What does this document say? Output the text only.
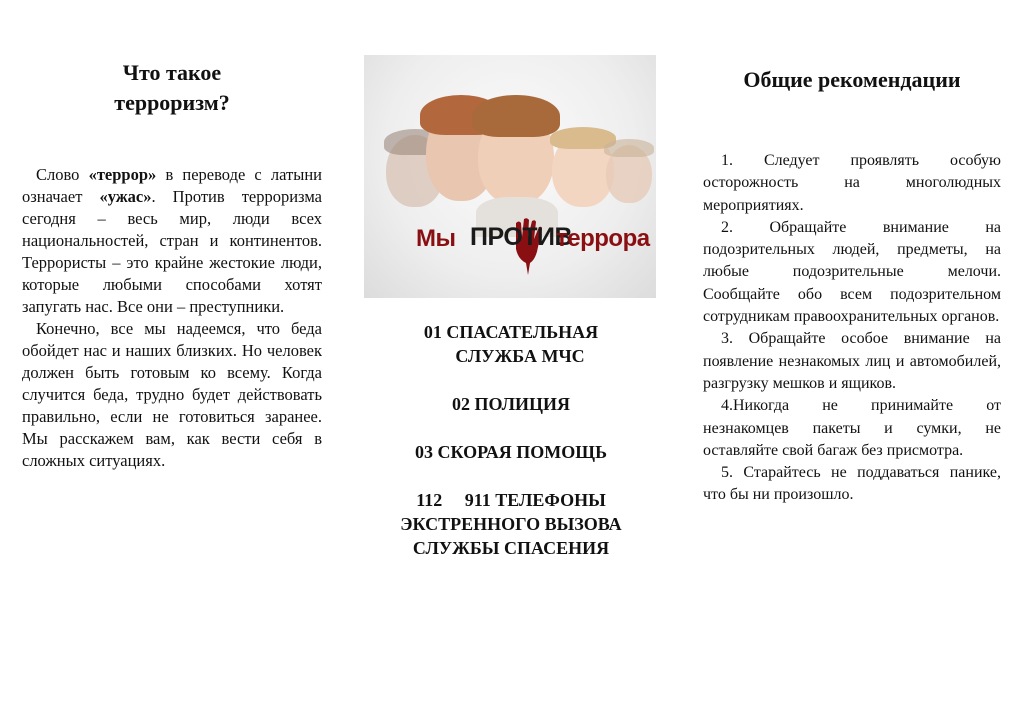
Что такое
терроризм?

Слово «террор» в переводе с латыни означает «ужас». Против терроризма сегодня – весь мир, люди всех национальностей, стран и континентов. Террористы – это крайне жестокие люди, которые любыми способами хотят запугать нас. Все они – преступники.

Конечно, все мы надеемся, что беда обойдет нас и наших близких. Но человек должен быть готовым ко всему. Когда случится беда, трудно будет действовать правильно, если не готовиться заранее. Мы расскажем вам, как вести себя в сложных ситуациях.

Мы ПРОТИВ
террора
01 СПАСАТЕЛЬНАЯ
СЛУЖБА МЧС
02 ПОЛИЦИЯ
03 СКОРАЯ ПОМОЩЬ
112     911 ТЕЛЕФОНЫ
ЭКСТРЕННОГО ВЫЗОВА
СЛУЖБЫ СПАСЕНИЯ
Общие рекомендации

1. Следует проявлять особую осторожность на многолюдных мероприятиях.

2. Обращайте внимание на подозрительных людей, предметы, на любые подозрительные мелочи. Сообщайте обо всем подозрительном сотрудникам правоохранительных органов.

3. Обращайте особое внимание на появление незнакомых лиц и автомобилей, разгрузку мешков и ящиков.

4.Никогда не принимайте от незнакомцев пакеты и сумки, не оставляйте свой багаж без присмотра.

5. Старайтесь не поддаваться панике, что бы ни произошло.
